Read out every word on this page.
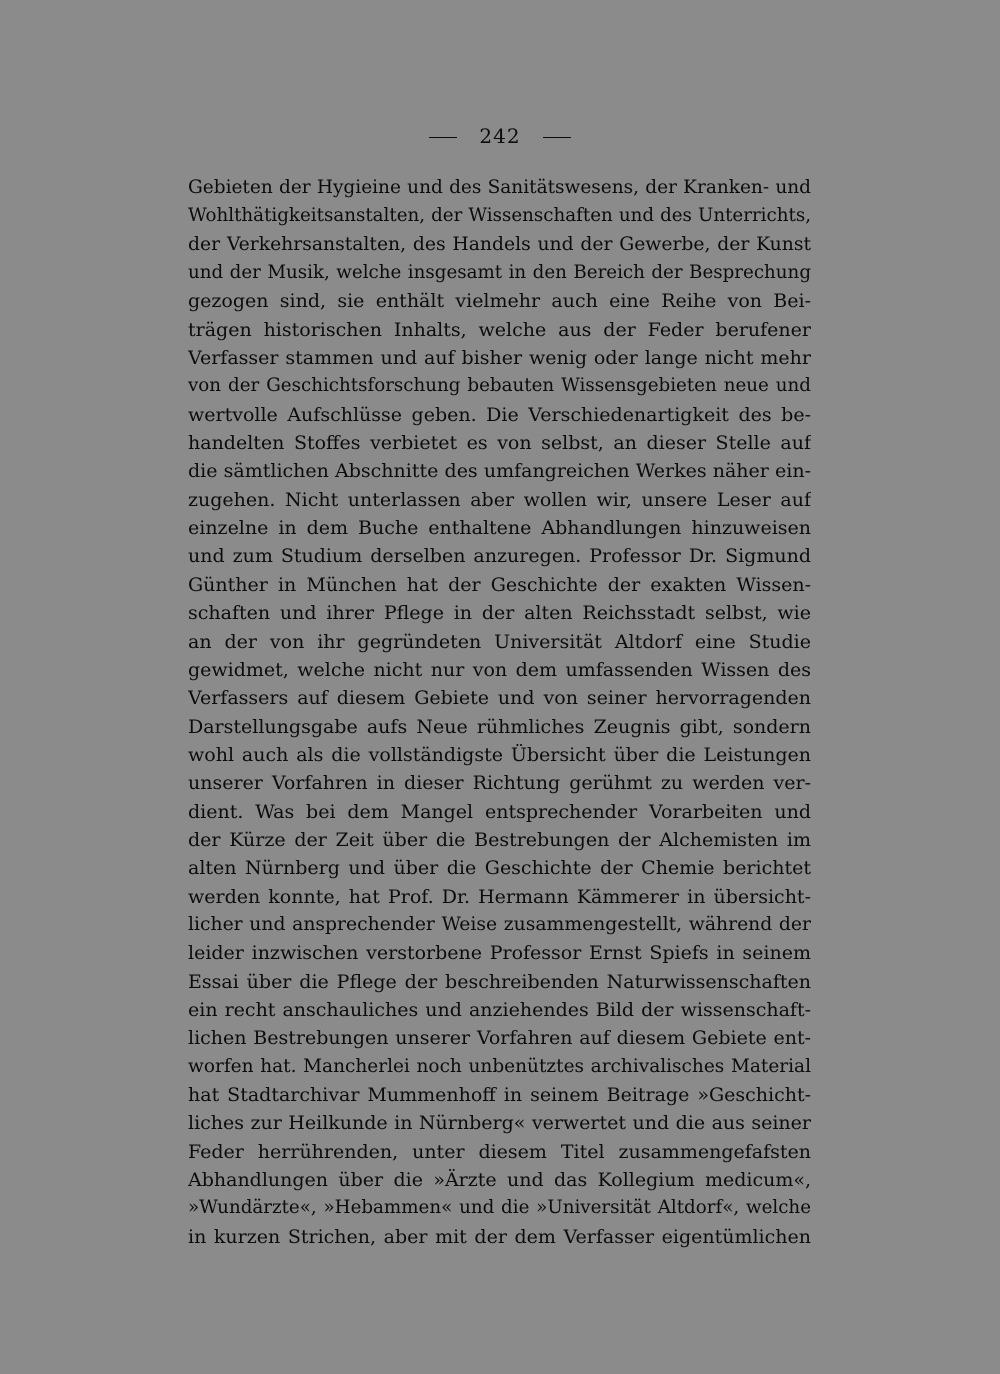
242
Gebieten der Hygieine und des Sanitätswesens, der Kranken- und
Wohlthätigkeitsanstalten, der Wissenschaften und des Unterrichts,
der Verkehrsanstalten, des Handels und der Gewerbe, der Kunst
und der Musik, welche insgesamt in den Bereich der Besprechung
gezogen sind, sie enthält vielmehr auch eine Reihe von Bei-
trägen historischen Inhalts, welche aus der Feder berufener
Verfasser stammen und auf bisher wenig oder lange nicht mehr
von der Geschichtsforschung bebauten Wissensgebieten neue und
wertvolle Aufschlüsse geben. Die Verschiedenartigkeit des be-
handelten Stoffes verbietet es von selbst, an dieser Stelle auf
die sämtlichen Abschnitte des umfangreichen Werkes näher ein-
zugehen. Nicht unterlassen aber wollen wir, unsere Leser auf
einzelne in dem Buche enthaltene Abhandlungen hinzuweisen
und zum Studium derselben anzuregen. Professor Dr. Sigmund
Günther in München hat der Geschichte der exakten Wissen-
schaften und ihrer Pflege in der alten Reichsstadt selbst, wie
an der von ihr gegründeten Universität Altdorf eine Studie
gewidmet, welche nicht nur von dem umfassenden Wissen des
Verfassers auf diesem Gebiete und von seiner hervorragenden
Darstellungsgabe aufs Neue rühmliches Zeugnis gibt, sondern
wohl auch als die vollständigste Übersicht über die Leistungen
unserer Vorfahren in dieser Richtung gerühmt zu werden ver-
dient. Was bei dem Mangel entsprechender Vorarbeiten und
der Kürze der Zeit über die Bestrebungen der Alchemisten im
alten Nürnberg und über die Geschichte der Chemie berichtet
werden konnte, hat Prof. Dr. Hermann Kämmerer in übersicht-
licher und ansprechender Weise zusammengestellt, während der
leider inzwischen verstorbene Professor Ernst Spiefs in seinem
Essai über die Pflege der beschreibenden Naturwissenschaften
ein recht anschauliches und anziehendes Bild der wissenschaft-
lichen Bestrebungen unserer Vorfahren auf diesem Gebiete ent-
worfen hat. Mancherlei noch unbenütztes archivalisches Material
hat Stadtarchivar Mummenhoff in seinem Beitrage »Geschicht-
liches zur Heilkunde in Nürnberg« verwertet und die aus seiner
Feder herrührenden, unter diesem Titel zusammengefafsten
Abhandlungen über die »Ärzte und das Kollegium medicum«,
»Wundärzte«, »Hebammen« und die »Universität Altdorf«, welche
in kurzen Strichen, aber mit der dem Verfasser eigentümlichen
